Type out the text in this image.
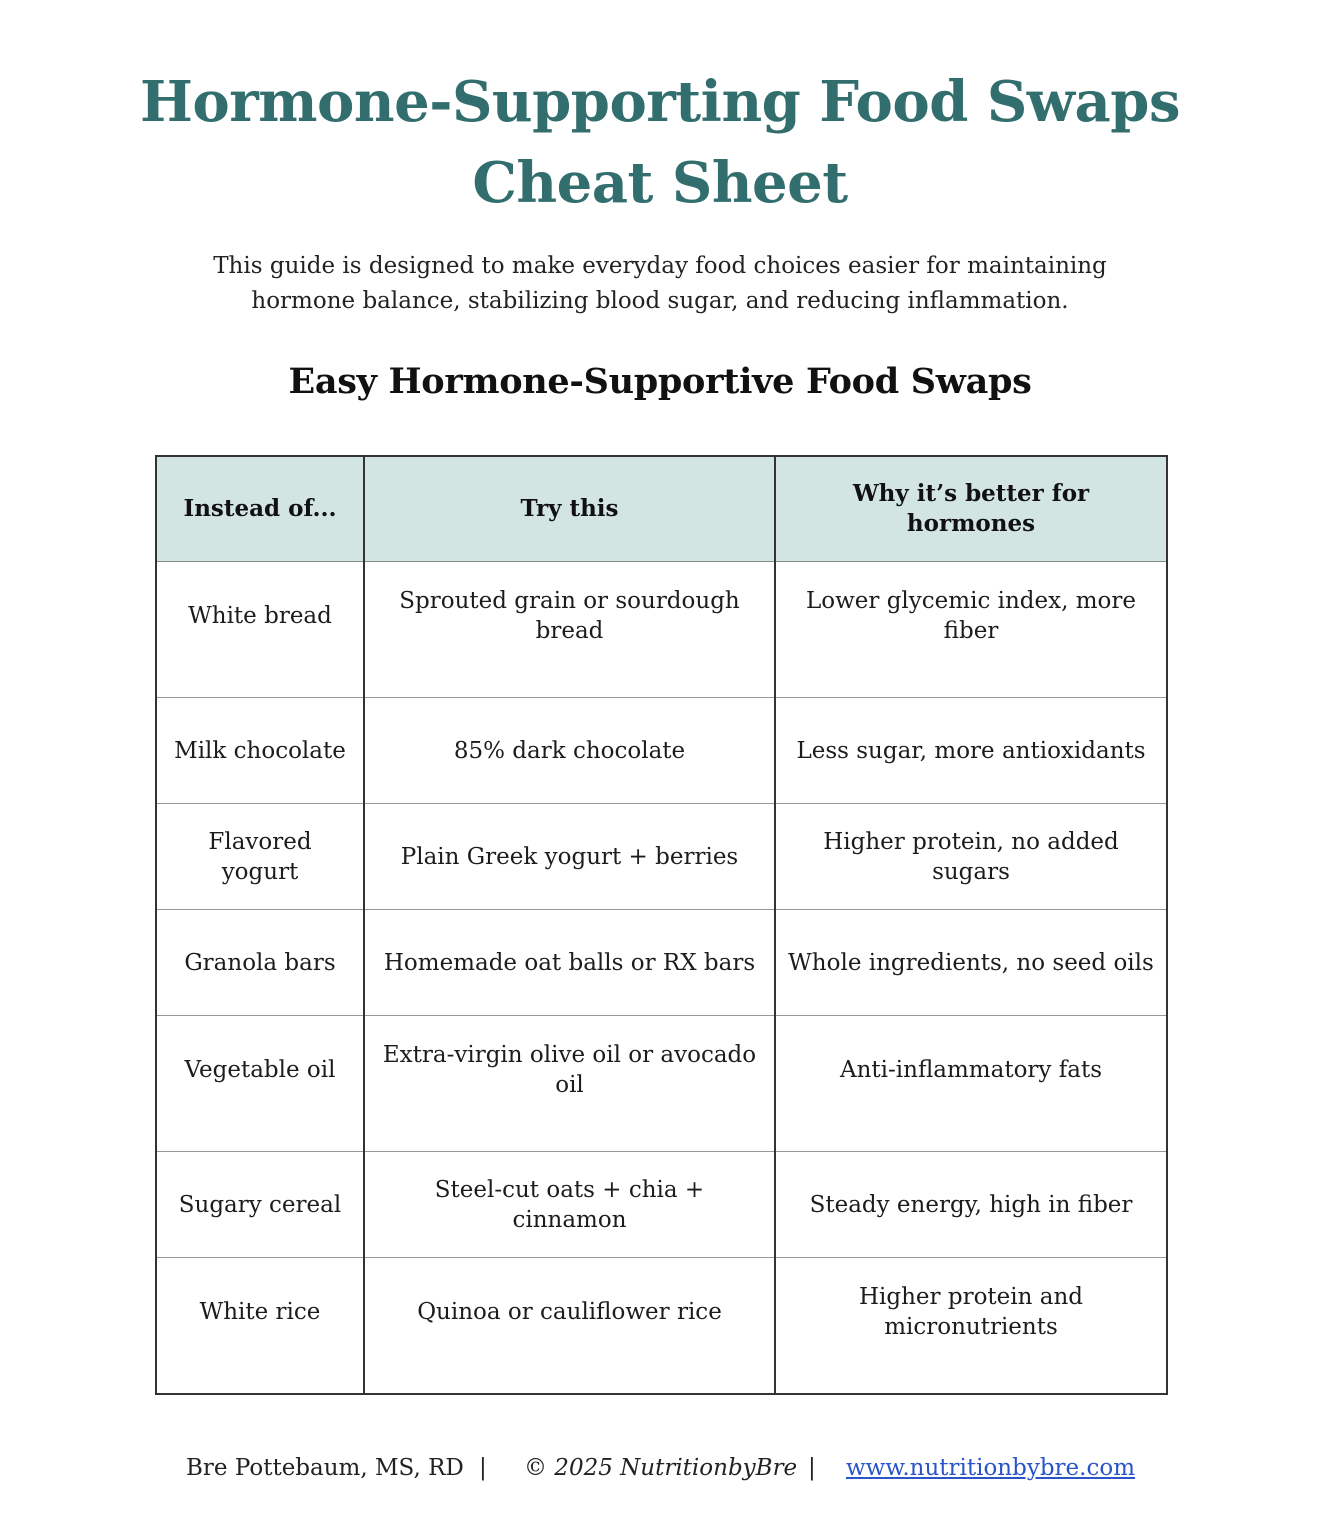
Hormone-Supporting Food Swaps
Cheat Sheet

This guide is designed to make everyday food choices easier for maintaining hormone balance, stabilizing blood sugar, and reducing inflammation.

Easy Hormone-Supportive Food Swaps
Instead of...	Try this	Why it’s better for hormones
White bread	Sprouted grain or sourdough bread	Lower glycemic index, more fiber
Milk chocolate	85% dark chocolate	Less sugar, more antioxidants
Flavored yogurt	Plain Greek yogurt + berries	Higher protein, no added sugars
Granola bars	Homemade oat balls or RX bars	Whole ingredients, no seed oils
Vegetable oil	Extra-virgin olive oil or avocado oil	Anti-inflammatory fats
Sugary cereal	Steel-cut oats + chia + cinnamon	Steady energy, high in fiber
White rice	Quinoa or cauliflower rice	Higher protein and micronutrients
Bre Pottebaum, MS, RD | © 2025 NutritionbyBre | www.nutritionbybre.com
